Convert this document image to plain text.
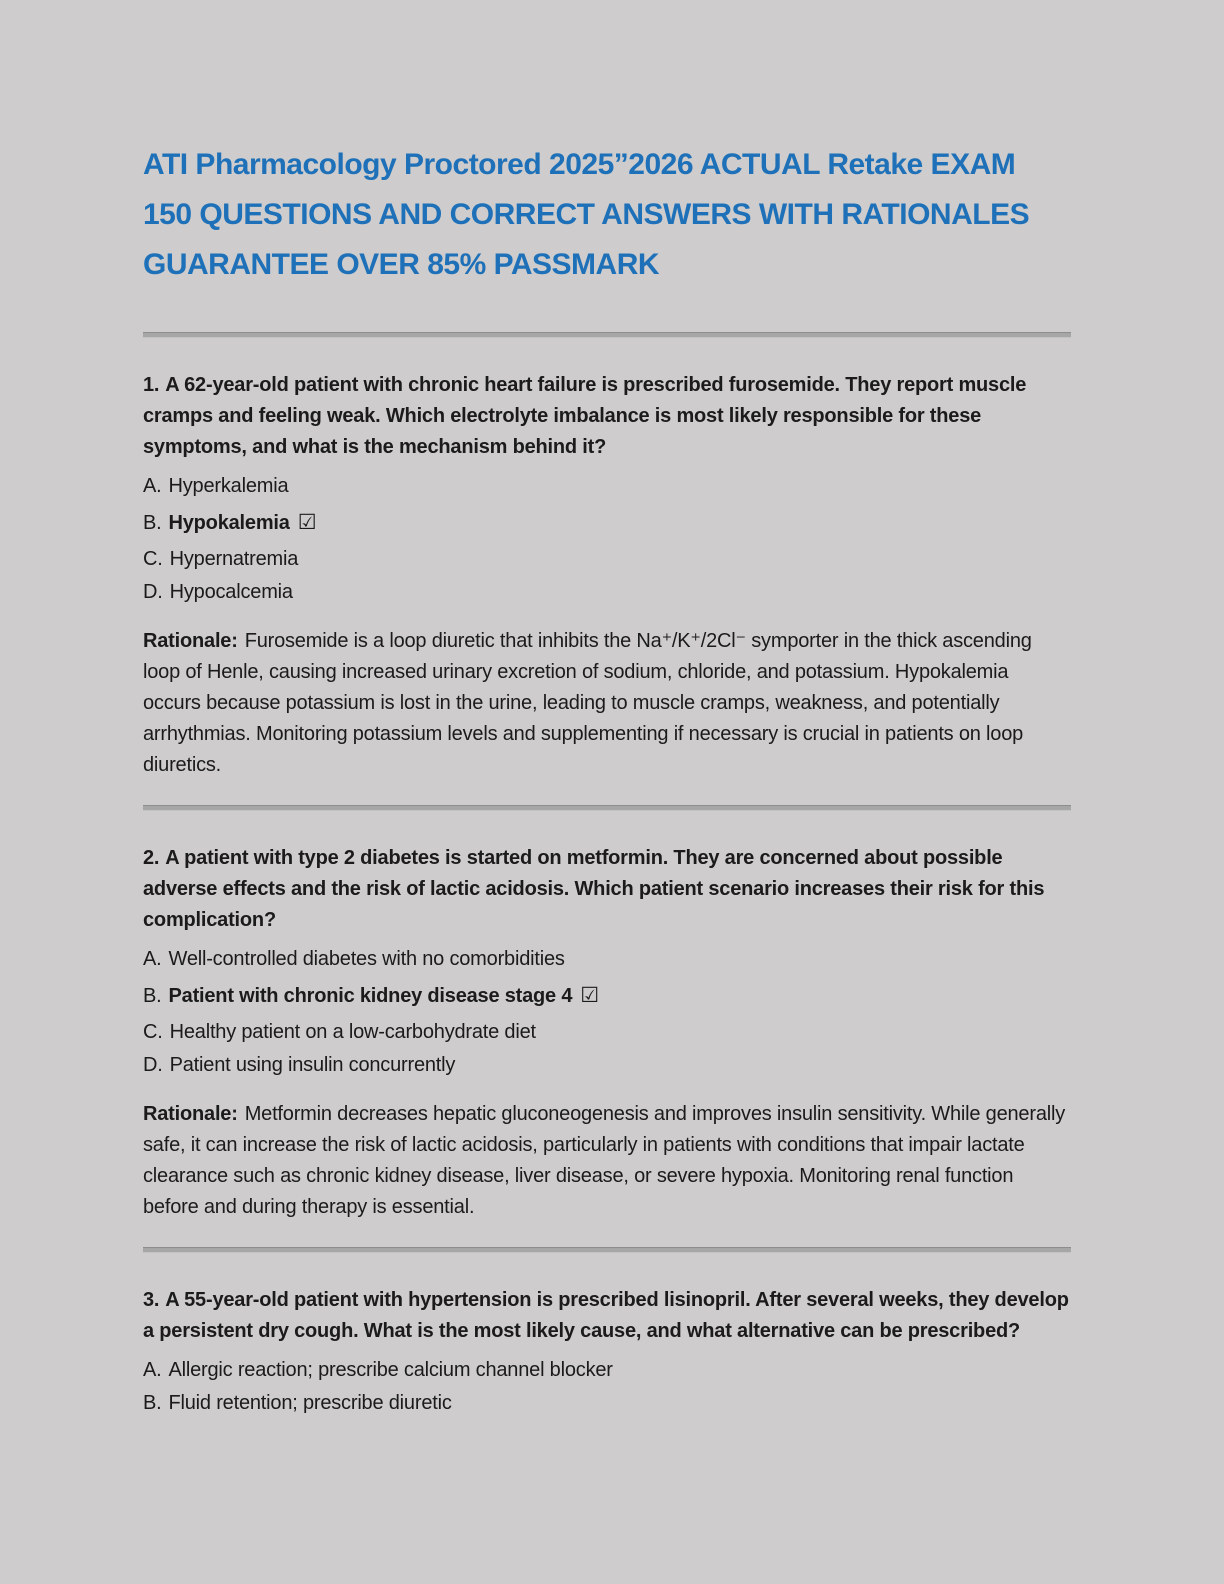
ATI Pharmacology Proctored 2025”2026 ACTUAL Retake EXAM 150 QUESTIONS AND CORRECT ANSWERS WITH RATIONALES GUARANTEE OVER 85% PASSMARK

1. A 62-year-old patient with chronic heart failure is prescribed furosemide. They report muscle cramps and feeling weak. Which electrolyte imbalance is most likely responsible for these symptoms, and what is the mechanism behind it?

A. Hyperkalemia
B. Hypokalemia ☑
C. Hypernatremia
D. Hypocalcemia

Rationale: Furosemide is a loop diuretic that inhibits the Na⁺/K⁺/2Cl⁻ symporter in the thick ascending loop of Henle, causing increased urinary excretion of sodium, chloride, and potassium. Hypokalemia occurs because potassium is lost in the urine, leading to muscle cramps, weakness, and potentially arrhythmias. Monitoring potassium levels and supplementing if necessary is crucial in patients on loop diuretics.

2. A patient with type 2 diabetes is started on metformin. They are concerned about possible adverse effects and the risk of lactic acidosis. Which patient scenario increases their risk for this complication?

A. Well-controlled diabetes with no comorbidities
B. Patient with chronic kidney disease stage 4 ☑
C. Healthy patient on a low-carbohydrate diet
D. Patient using insulin concurrently

Rationale: Metformin decreases hepatic gluconeogenesis and improves insulin sensitivity. While generally safe, it can increase the risk of lactic acidosis, particularly in patients with conditions that impair lactate clearance such as chronic kidney disease, liver disease, or severe hypoxia. Monitoring renal function before and during therapy is essential.

3. A 55-year-old patient with hypertension is prescribed lisinopril. After several weeks, they develop a persistent dry cough. What is the most likely cause, and what alternative can be prescribed?

A. Allergic reaction; prescribe calcium channel blocker
B. Fluid retention; prescribe diuretic
